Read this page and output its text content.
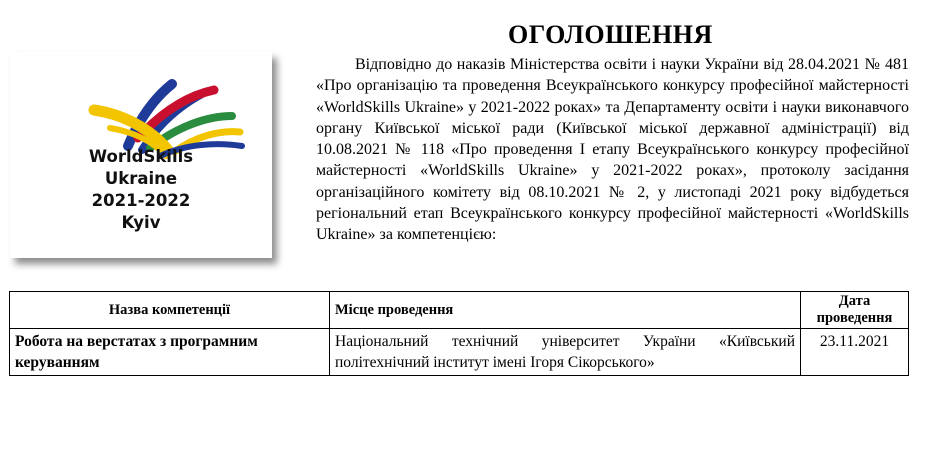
WorldSkills
Ukraine
2021-2022
Kyiv
ОГОЛОШЕННЯ

Відповідно до наказів Міністерства освіти і науки України від 28.04.2021 № 481 «Про організацію та проведення Всеукраїнського конкурсу професійної майстерності «WorldSkills Ukraine» у 2021-2022 роках» та Департаменту освіти і науки виконавчого органу Київської міської ради (Київської міської державної адміністрації) від 10.08.2021 № 118 «Про проведення І етапу Всеукраїнського конкурсу професійної майстерності «WorldSkills Ukraine» у 2021-2022 роках», протоколу засідання організаційного комітету від 08.10.2021 № 2, у листопаді 2021 року відбудеться регіональний етап Всеукраїнського конкурсу професійної майстерності «WorldSkills Ukraine» за компетенцією:

Назва компетенції	Місце проведення	Дата проведення
Робота на верстатах з програмним керуванням	Національний технічний університет України «Київський політехнічний інститут імені Ігоря Сікорського»	23.11.2021
